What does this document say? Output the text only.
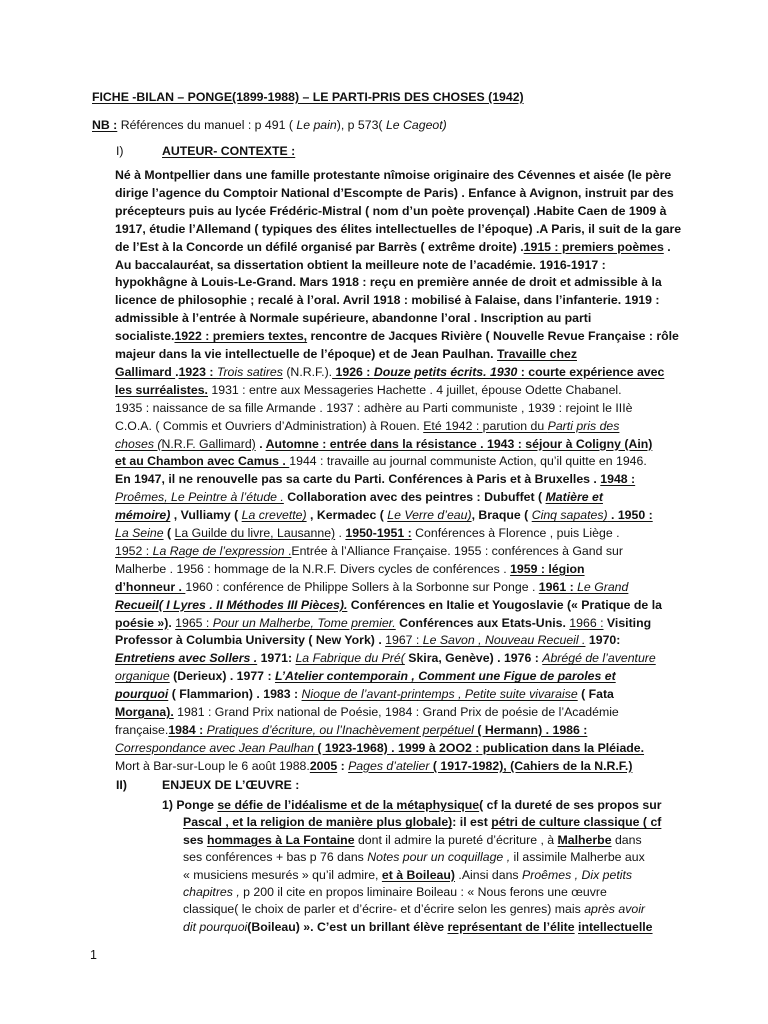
FICHE -BILAN – PONGE(1899-1988) – LE PARTI-PRIS DES CHOSES (1942)
NB : Références du manuel : p 491 ( Le pain), p 573( Le Cageot)
I)	AUTEUR- CONTEXTE :
Né à Montpellier dans une famille protestante nîmoise originaire des Cévennes et aisée (le père
dirige l’agence du Comptoir National d’Escompte de Paris) . Enfance à Avignon, instruit par des
précepteurs puis au lycée Frédéric-Mistral ( nom d’un poète provençal) .Habite Caen de 1909 à
1917, étudie l’Allemand ( typiques des élites intellectuelles de l’époque) .A Paris, il suit de la gare
de l’Est à la Concorde un défilé organisé par Barrès ( extrême droite) .1915 : premiers poèmes .
Au baccalauréat, sa dissertation obtient la meilleure note de l’académie. 1916-1917 :
hypokhâgne à Louis-Le-Grand. Mars 1918 : reçu en première année de droit et admissible à la
licence de philosophie ; recalé à l’oral. Avril 1918 : mobilisé à Falaise, dans l’infanterie. 1919 :
admissible à l’entrée à Normale supérieure, abandonne l’oral . Inscription au parti
socialiste.1922 : premiers textes, rencontre de Jacques Rivière ( Nouvelle Revue Française : rôle
majeur dans la vie intellectuelle de l’époque) et de Jean Paulhan. Travaille chez
Gallimard .1923 : Trois satires (N.R.F.). 1926 : Douze petits écrits. 1930 : courte expérience avec
les surréalistes. 1931 : entre aux Messageries Hachette . 4 juillet, épouse Odette Chabanel.
1935 : naissance de sa fille Armande . 1937 : adhère au Parti communiste , 1939 : rejoint le IIIè
C.O.A. ( Commis et Ouvriers d’Administration) à Rouen. Eté 1942 : parution du Parti pris des
choses (N.R.F. Gallimard) . Automne : entrée dans la résistance . 1943 : séjour à Coligny (Ain)
et au Chambon avec Camus . 1944 : travaille au journal communiste Action, qu’il quitte en 1946.
En 1947, il ne renouvelle pas sa carte du Parti. Conférences à Paris et à Bruxelles . 1948 :
Proêmes, Le Peintre à l’étude . Collaboration avec des peintres : Dubuffet ( Matière et
mémoire) , Vulliamy ( La crevette) , Kermadec ( Le Verre d’eau), Braque ( Cinq sapates) . 1950 :
La Seine ( La Guilde du livre, Lausanne) . 1950-1951 : Conférences à Florence , puis Liège .
1952 : La Rage de l’expression .Entrée à l’Alliance Française. 1955 : conférences à Gand sur
Malherbe . 1956 : hommage de la N.R.F. Divers cycles de conférences . 1959 : légion
d’honneur . 1960 : conférence de Philippe Sollers à la Sorbonne sur Ponge . 1961 : Le Grand
Recueil( I Lyres . II Méthodes III Pièces). Conférences en Italie et Yougoslavie (« Pratique de la
poésie »). 1965 : Pour un Malherbe, Tome premier. Conférences aux Etats-Unis. 1966 : Visiting
Professor à Columbia University ( New York) . 1967 : Le Savon , Nouveau Recueil . 1970:
Entretiens avec Sollers . 1971: La Fabrique du Pré( Skira, Genève) . 1976 : Abrégé de l’aventure
organique (Derieux) . 1977 : L’Atelier contemporain , Comment une Figue de paroles et
pourquoi ( Flammarion) . 1983 : Nioque de l’avant-printemps , Petite suite vivaraise ( Fata
Morgana). 1981 : Grand Prix national de Poésie, 1984 : Grand Prix de poésie de l’Académie
française.1984 : Pratiques d’écriture, ou l’Inachèvement perpétuel ( Hermann) . 1986 :
Correspondance avec Jean Paulhan ( 1923-1968) . 1999 à 2OO2 : publication dans la Pléiade.
Mort à Bar-sur-Loup le 6 août 1988.2005 : Pages d’atelier ( 1917-1982), (Cahiers de la N.R.F.)
II)	ENJEUX DE L’ŒUVRE :
1) Ponge se défie de l’idéalisme et de la métaphysique( cf la dureté de ses propos sur
Pascal , et la religion de manière plus globale): il est pétri de culture classique ( cf
ses hommages à La Fontaine dont il admire la pureté d’écriture , à Malherbe dans
ses conférences + bas p 76 dans Notes pour un coquillage , il assimile Malherbe aux
« musiciens mesurés » qu’il admire, et à Boileau) .Ainsi dans Proêmes , Dix petits
chapitres , p 200 il cite en propos liminaire Boileau : « Nous ferons une œuvre
classique( le choix de parler et d’écrire- et d’écrire selon les genres) mais après avoir
dit pourquoi(Boileau) ». C’est un brillant élève représentant de l’élite intellectuelle
1
